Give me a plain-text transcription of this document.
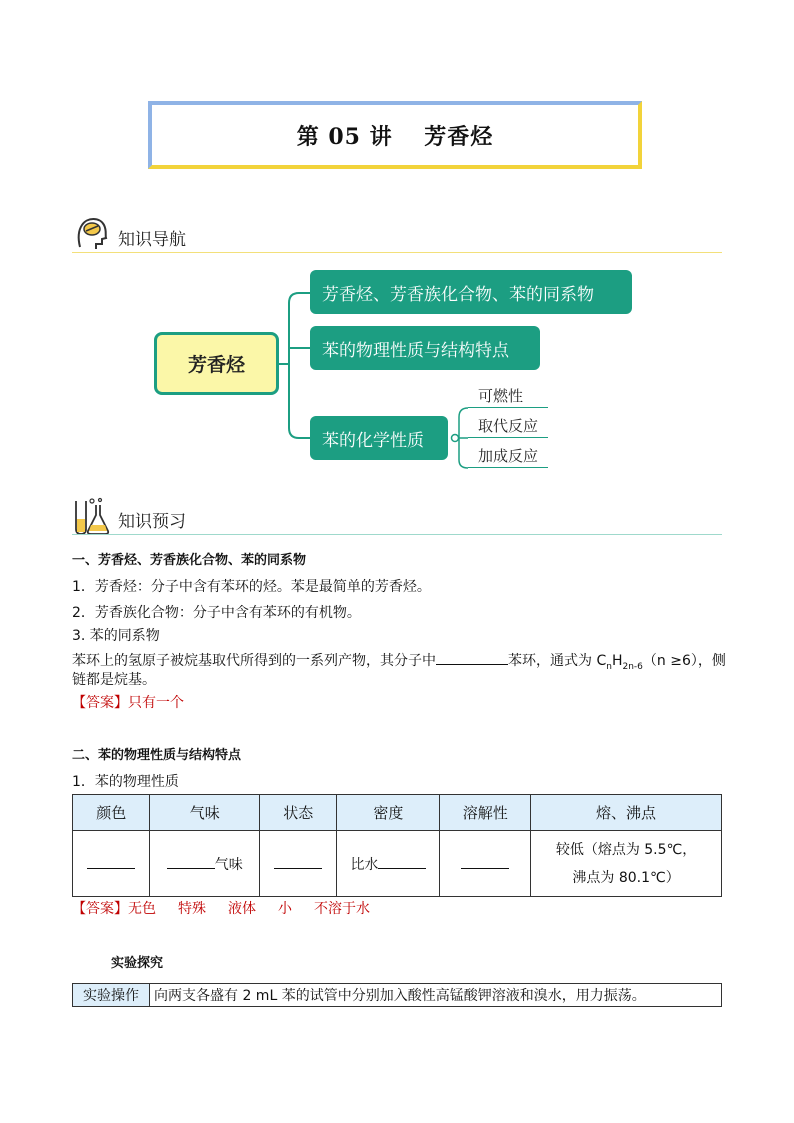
第 05 讲　 芳香烃
知识导航
芳香烃
芳香烃、芳香族化合物、苯的同系物
苯的物理性质与结构特点
苯的化学性质
可燃性
取代反应
加成反应
知识预习
一、芳香烃、芳香族化合物、苯的同系物
1．芳香烃：分子中含有苯环的烃。苯是最简单的芳香烃。
2．芳香族化合物：分子中含有苯环的有机物。
3. 苯的同系物
苯环上的氢原子被烷基取代所得到的一系列产物，其分子中	苯环，通式为 $C_nH_{2n-6}(n \ge 6)$，侧
链都是烷基。
【答案】只有一个
二、苯的物理性质与结构特点
1．苯的物理性质
颜色	气味	状态	密度	溶解性	熔、沸点
	气味		比水		较低（熔点为 5.5℃，
沸点为 80.1℃）
【答案】无色 特殊 液体 小 不溶于水
实验探究
实验操作	向两支各盛有 2 mL 苯的试管中分别加入酸性高锰酸钾溶液和溴水，用力振荡。
